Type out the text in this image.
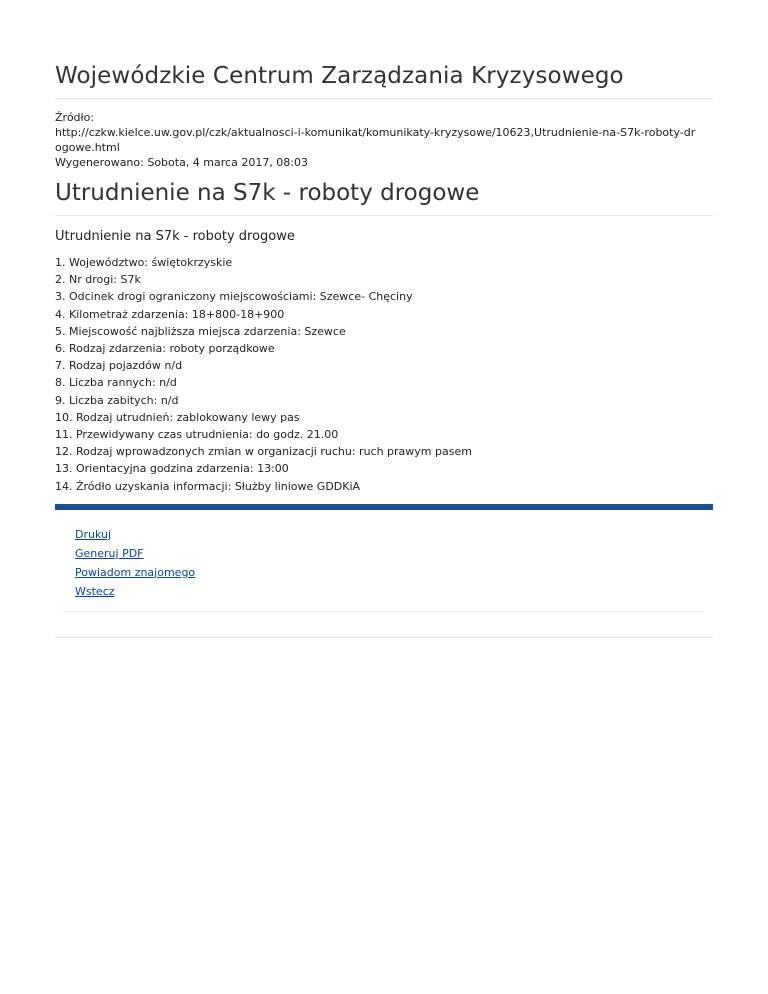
Wojewódzkie Centrum Zarządzania Kryzysowego
Źródło:
http://czkw.kielce.uw.gov.pl/czk/aktualnosci-i-komunikat/komunikaty-kryzysowe/10623,Utrudnienie-na-S7k-roboty-drogowe.html
Wygenerowano: Sobota, 4 marca 2017, 08:03
Utrudnienie na S7k - roboty drogowe
Utrudnienie na S7k - roboty drogowe
1. Województwo: świętokrzyskie
2. Nr drogi: S7k
3. Odcinek drogi ograniczony miejscowościami: Szewce- Chęciny
4. Kilometraż zdarzenia: 18+800-18+900
5. Miejscowość najbliższa miejsca zdarzenia: Szewce
6. Rodzaj zdarzenia: roboty porządkowe
7. Rodzaj pojazdów n/d
8. Liczba rannych: n/d
9. Liczba zabitych: n/d
10. Rodzaj utrudnień: zablokowany lewy pas
11. Przewidywany czas utrudnienia: do godz. 21.00
12. Rodzaj wprowadzonych zmian w organizacji ruchu: ruch prawym pasem
13. Orientacyjna godzina zdarzenia: 13:00
14. Źródło uzyskania informacji: Służby liniowe GDDKiA
Drukuj
Generuj PDF
Powiadom znajomego
Wstecz
